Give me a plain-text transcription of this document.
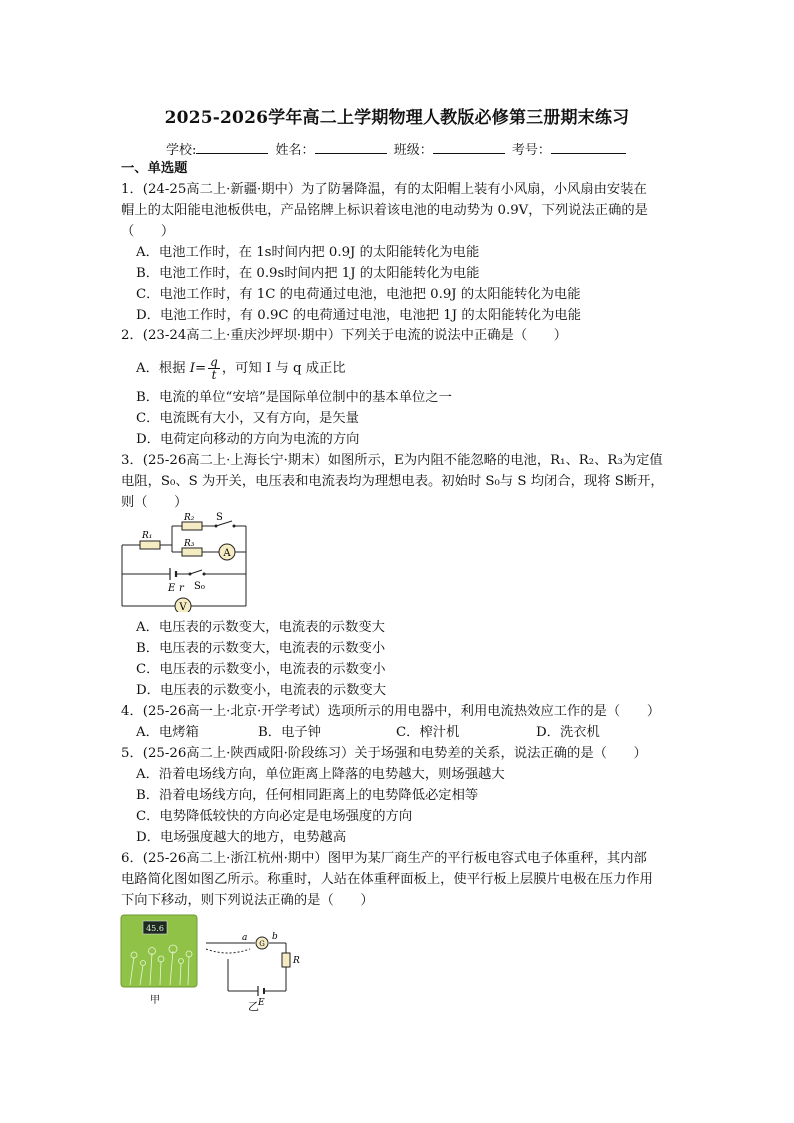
2025-2026学年高二上学期物理人教版必修第三册期末练习
学校:	姓名：	班级：	考号：
一、单选题
1．(24-25高二上·新疆·期中）为了防暑降温，有的太阳帽上装有小风扇，小风扇由安装在
帽上的太阳能电池板供电，产品铭牌上标识着该电池的电动势为 0.9V，下列说法正确的是
（　　）
A．电池工作时，在 1s时间内把 0.9J 的太阳能转化为电能
B．电池工作时，在 0.9s时间内把 1J 的太阳能转化为电能
C．电池工作时，有 1C 的电荷通过电池，电池把 0.9J 的太阳能转化为电能
D．电池工作时，有 0.9C 的电荷通过电池，电池把 1J 的太阳能转化为电能
2．(23-24高二上·重庆沙坪坝·期中）下列关于电流的说法中正确是（　　）
A．根据 $I= \frac{q}{t}$ ，可知 I 与 q 成正比
B．电流的单位“安培”是国际单位制中的基本单位之一
C．电流既有大小，又有方向，是矢量
D．电荷定向移动的方向为电流的方向
3．(25-26高二上·上海长宁·期末）如图所示，E为内阻不能忽略的电池，R₁、R₂、R₃为定值
电阻，S₀、S 为开关，电压表和电流表均为理想电表。初始时 S₀与 S 均闭合，现将 S断开，
则（　　）
A
V
R₁
R₂
R₃
S
E r S₀
A．电压表的示数变大，电流表的示数变大
B．电压表的示数变大，电流表的示数变小
C．电压表的示数变小，电流表的示数变小
D．电压表的示数变小，电流表的示数变大
4．(25-26高一上·北京·开学考试）选项所示的用电器中，利用电流热效应工作的是（　　）
A．电烤箱	B．电子钟	C．榨汁机	D．洗衣机
5．(25-26高二上·陕西咸阳·阶段练习）关于场强和电势差的关系，说法正确的是（　　）
A．沿着电场线方向，单位距离上降落的电势越大，则场强越大
B．沿着电场线方向，任何相同距离上的电势降低必定相等
C．电势降低较快的方向必定是电场强度的方向
D．电场强度越大的地方，电势越高
6．(25-26高二上·浙江杭州·期中）图甲为某厂商生产的平行板电容式电子体重秤，其内部
电路简化图如图乙所示。称重时，人站在体重秤面板上，使平行板上层膜片电极在压力作用
下向下移动，则下列说法正确的是（　　）
45.6
甲
G
a	b
R
E
乙
